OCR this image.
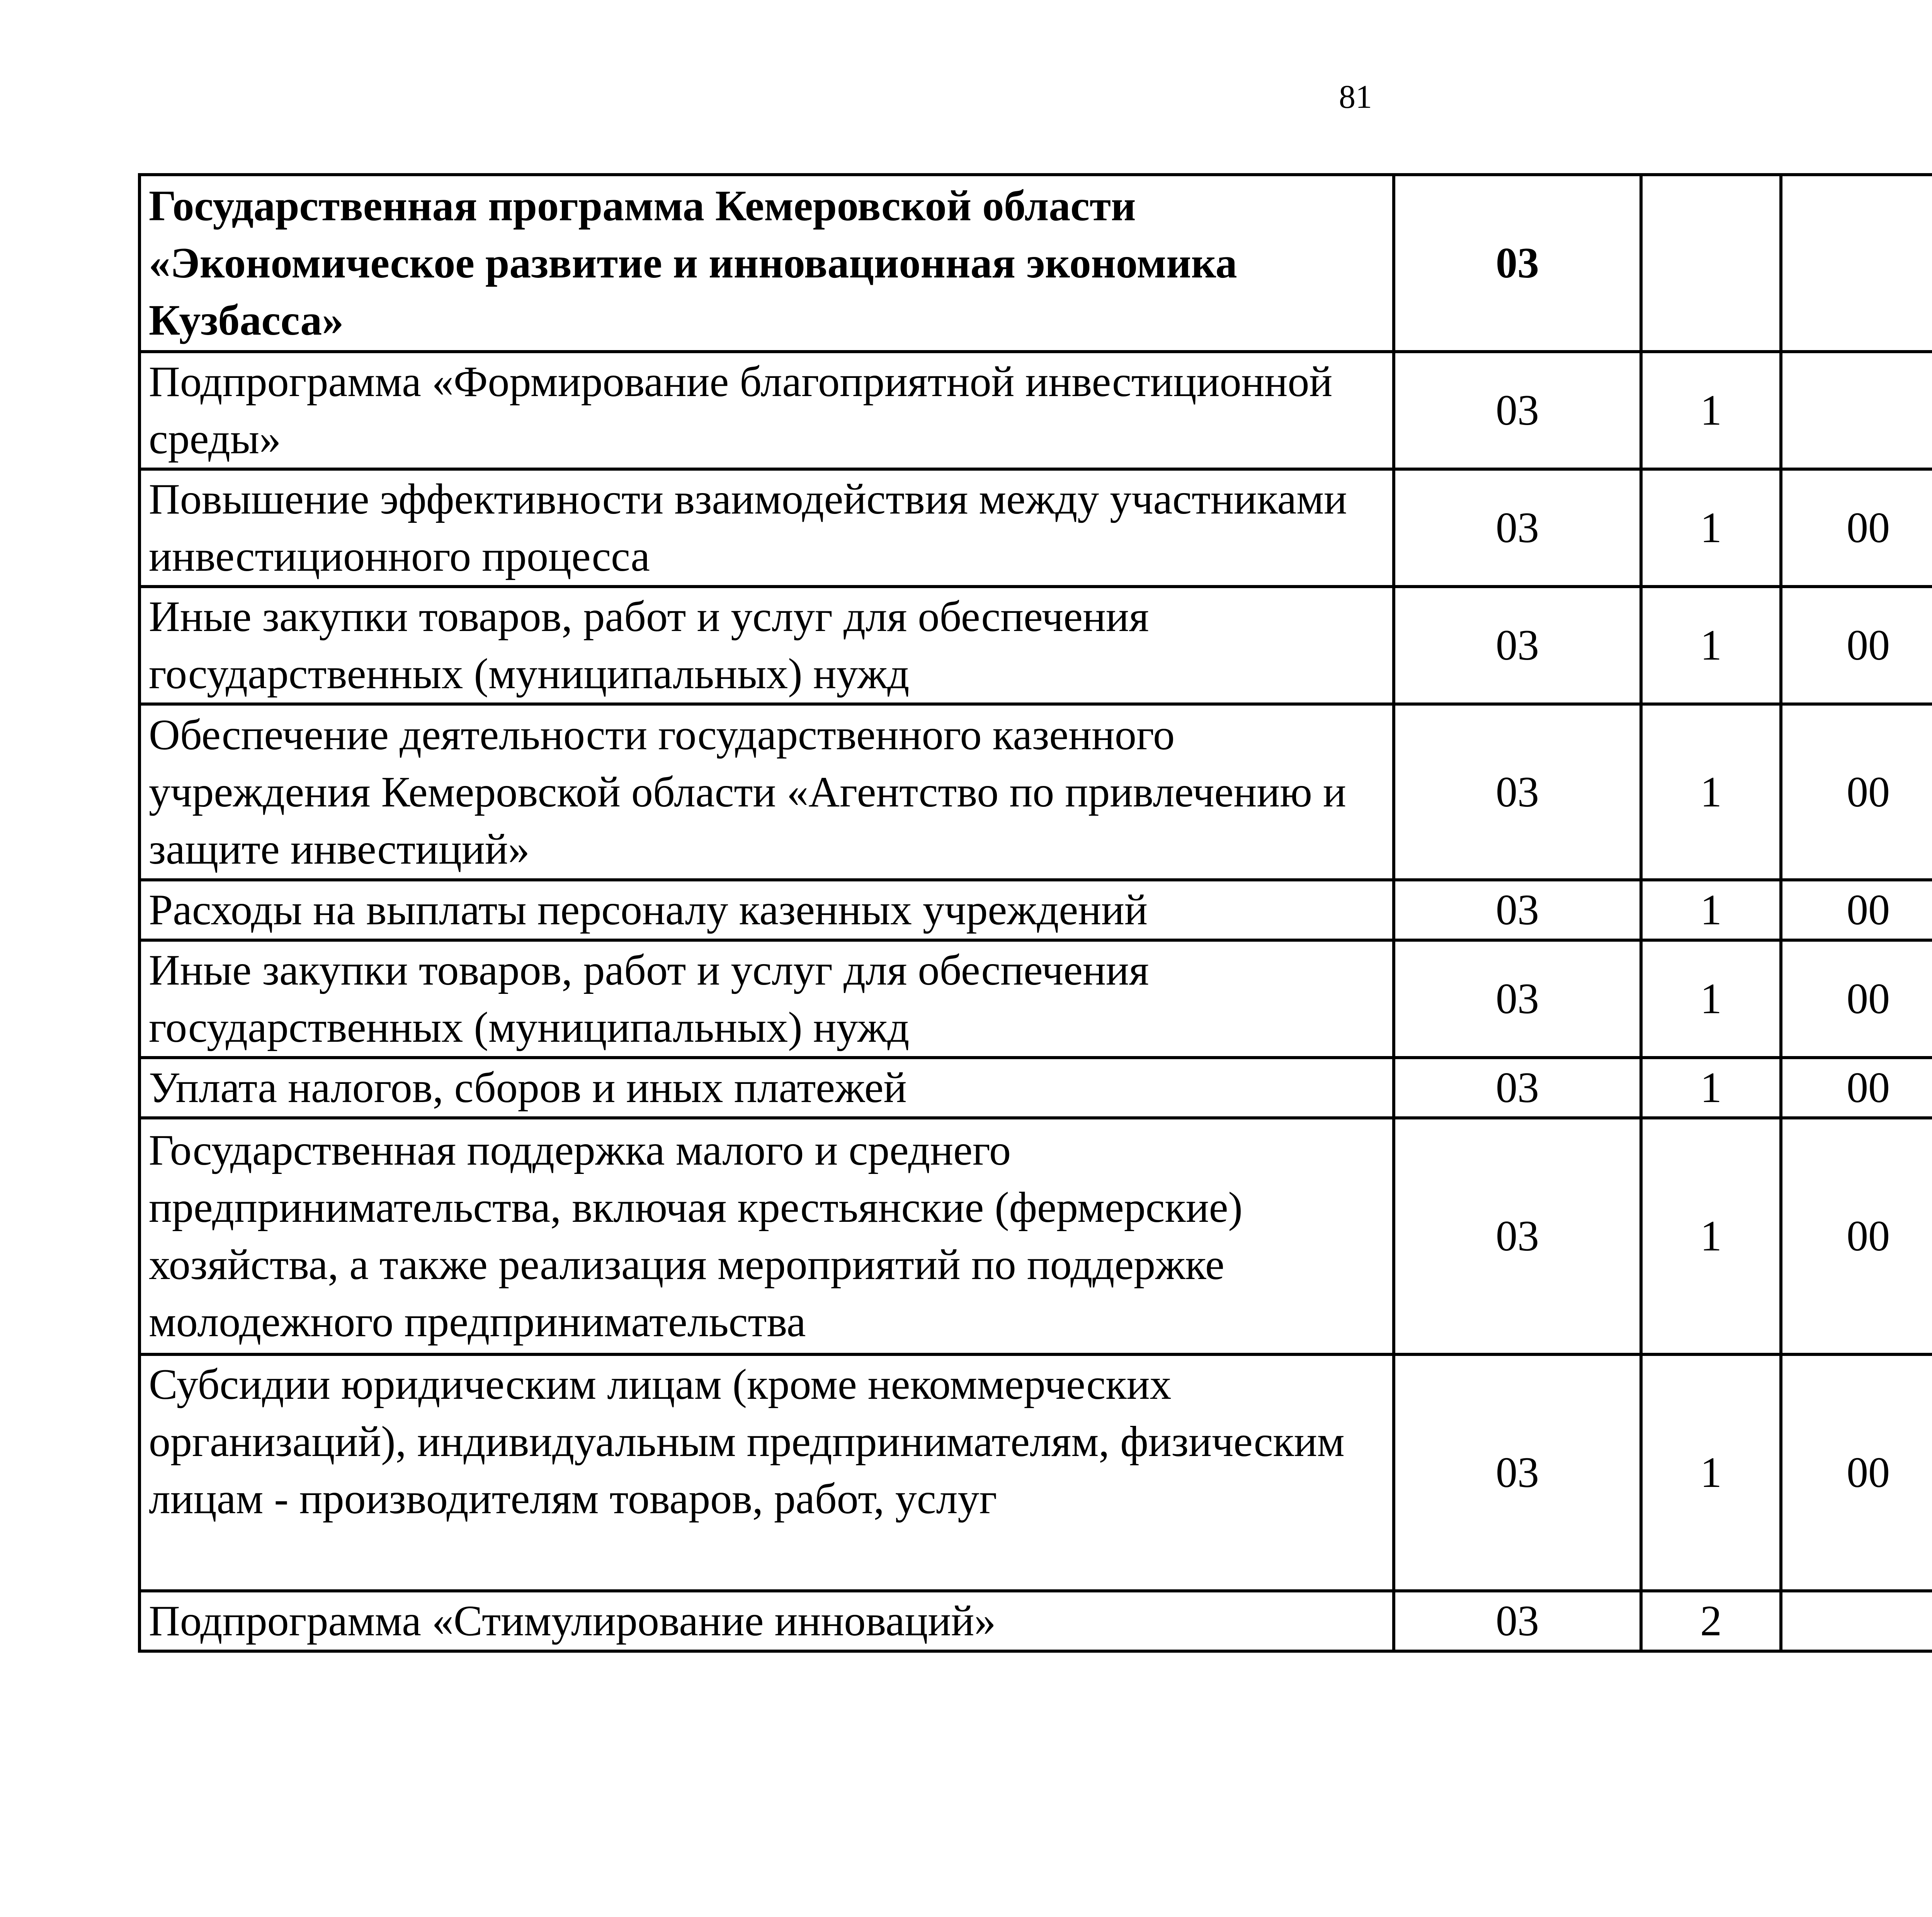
81
Государственная программа Кемеровской области «Экономическое развитие и инновационная экономика Кузбасса»	03					
Подпрограмма «Формирование благоприятной инвестиционной среды»	03	1				
Повышение эффективности взаимодействия между участниками инвестиционного процесса	03	1	00			
Иные закупки товаров, работ и услуг для обеспечения государственных (муниципальных) нужд	03	1	00			
Обеспечение деятельности государственного казенного учреждения Кемеровской области «Агентство по привлечению и защите инвестиций»	03	1	00			
Расходы на выплаты персоналу казенных учреждений	03	1	00			
Иные закупки товаров, работ и услуг для обеспечения государственных (муниципальных) нужд	03	1	00			
Уплата налогов, сборов и иных платежей	03	1	00			
Государственная поддержка малого и среднего предпринимательства, включая крестьянские (фермерские) хозяйства, а также реализация мероприятий по поддержке молодежного предпринимательства	03	1	00			
Субсидии юридическим лицам (кроме некоммерческих организаций), индивидуальным предпринимателям, физическим лицам - производителям товаров, работ, услуг	03	1	00			
Подпрограмма «Стимулирование инноваций»	03	2				
